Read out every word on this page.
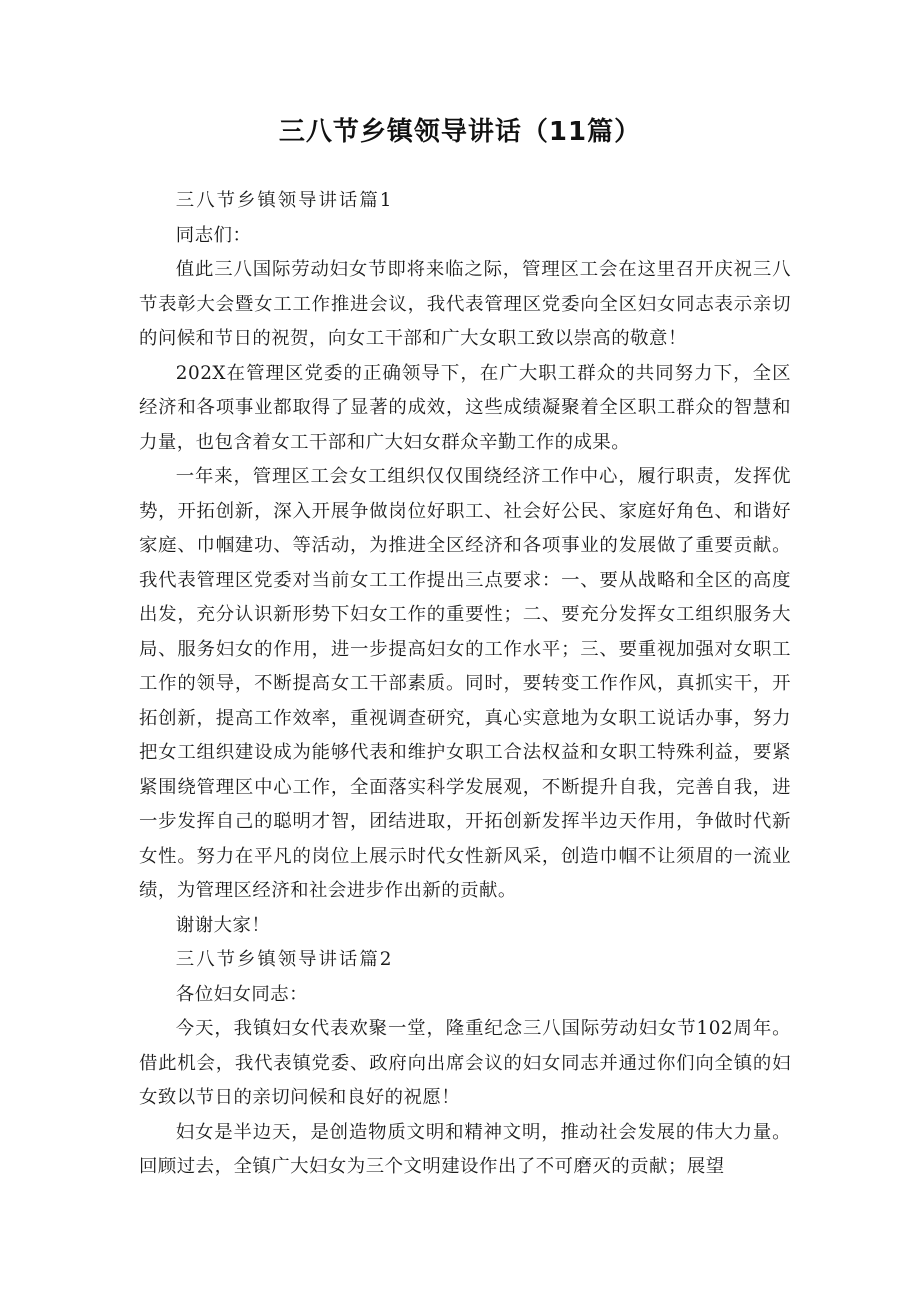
三八节乡镇领导讲话（11篇）

三八节乡镇领导讲话篇1

同志们：

值此三八国际劳动妇女节即将来临之际，管理区工会在这里召开庆祝三八节表彰大会暨女工工作推进会议，我代表管理区党委向全区妇女同志表示亲切的问候和节日的祝贺，向女工干部和广大女职工致以崇高的敬意！

202X在管理区党委的正确领导下，在广大职工群众的共同努力下，全区经济和各项事业都取得了显著的成效，这些成绩凝聚着全区职工群众的智慧和力量，也包含着女工干部和广大妇女群众辛勤工作的成果。

一年来，管理区工会女工组织仅仅围绕经济工作中心，履行职责，发挥优势，开拓创新，深入开展争做岗位好职工、社会好公民、家庭好角色、和谐好家庭、巾帼建功、等活动，为推进全区经济和各项事业的发展做了重要贡献。我代表管理区党委对当前女工工作提出三点要求：一、要从战略和全区的高度出发，充分认识新形势下妇女工作的重要性；二、要充分发挥女工组织服务大局、服务妇女的作用，进一步提高妇女的工作水平；三、要重视加强对女职工工作的领导，不断提高女工干部素质。同时，要转变工作作风，真抓实干，开拓创新，提高工作效率，重视调查研究，真心实意地为女职工说话办事，努力把女工组织建设成为能够代表和维护女职工合法权益和女职工特殊利益，要紧紧围绕管理区中心工作，全面落实科学发展观，不断提升自我，完善自我，进一步发挥自己的聪明才智，团结进取，开拓创新发挥半边天作用，争做时代新女性。努力在平凡的岗位上展示时代女性新风采，创造巾帼不让须眉的一流业绩，为管理区经济和社会进步作出新的贡献。

谢谢大家！

三八节乡镇领导讲话篇2

各位妇女同志：

今天，我镇妇女代表欢聚一堂，隆重纪念三八国际劳动妇女节102周年。借此机会，我代表镇党委、政府向出席会议的妇女同志并通过你们向全镇的妇女致以节日的亲切问候和良好的祝愿！

妇女是半边天，是创造物质文明和精神文明，推动社会发展的伟大力量。回顾过去，全镇广大妇女为三个文明建设作出了不可磨灭的贡献；展望
